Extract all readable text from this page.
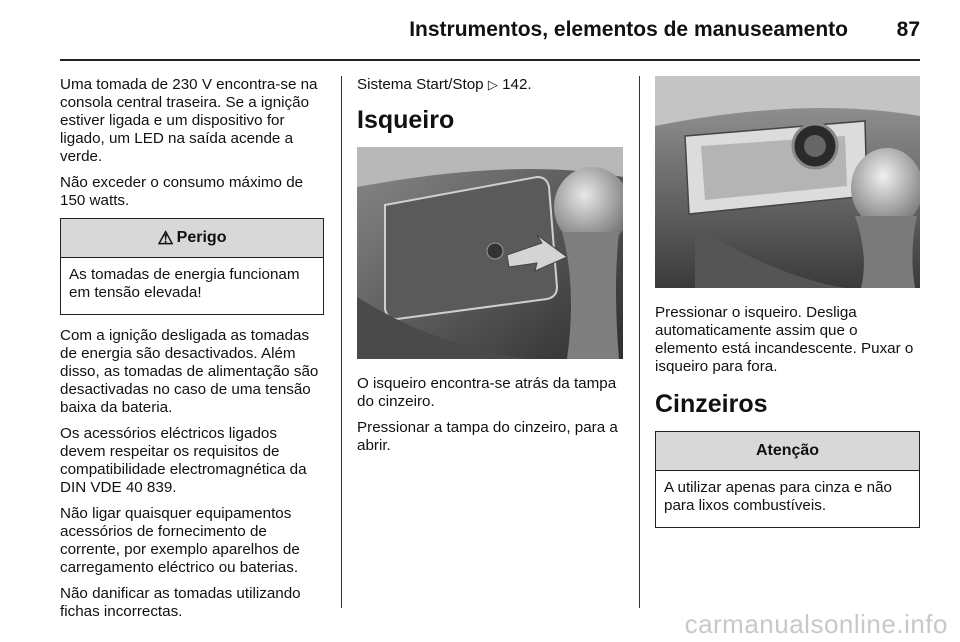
Instrumentos, elementos de manuseamento 87

Uma tomada de 230 V encontra-se na consola central traseira. Se a ignição estiver ligada e um dispositivo for ligado, um LED na saída acende a verde.

Não exceder o consumo máximo de 150 watts.

⚠ Perigo

As tomadas de energia funcionam em tensão elevada!

Com a ignição desligada as tomadas de energia são desactivados. Além disso, as tomadas de alimentação são desactivadas no caso de uma tensão baixa da bateria.

Os acessórios eléctricos ligados devem respeitar os requisitos de compatibilidade electromagnética da DIN VDE 40 839.

Não ligar quaisquer equipamentos acessórios de fornecimento de corrente, por exemplo aparelhos de carregamento eléctrico ou baterias.

Não danificar as tomadas utilizando fichas incorrectas.

Sistema Start/Stop ▷ 142.

Isqueiro

O isqueiro encontra-se atrás da tampa do cinzeiro.

Pressionar a tampa do cinzeiro, para a abrir.

Pressionar o isqueiro. Desliga automaticamente assim que o elemento está incandescente. Puxar o isqueiro para fora.

Cinzeiros
Atenção

A utilizar apenas para cinza e não para lixos combustíveis.

carmanualsonline.info
